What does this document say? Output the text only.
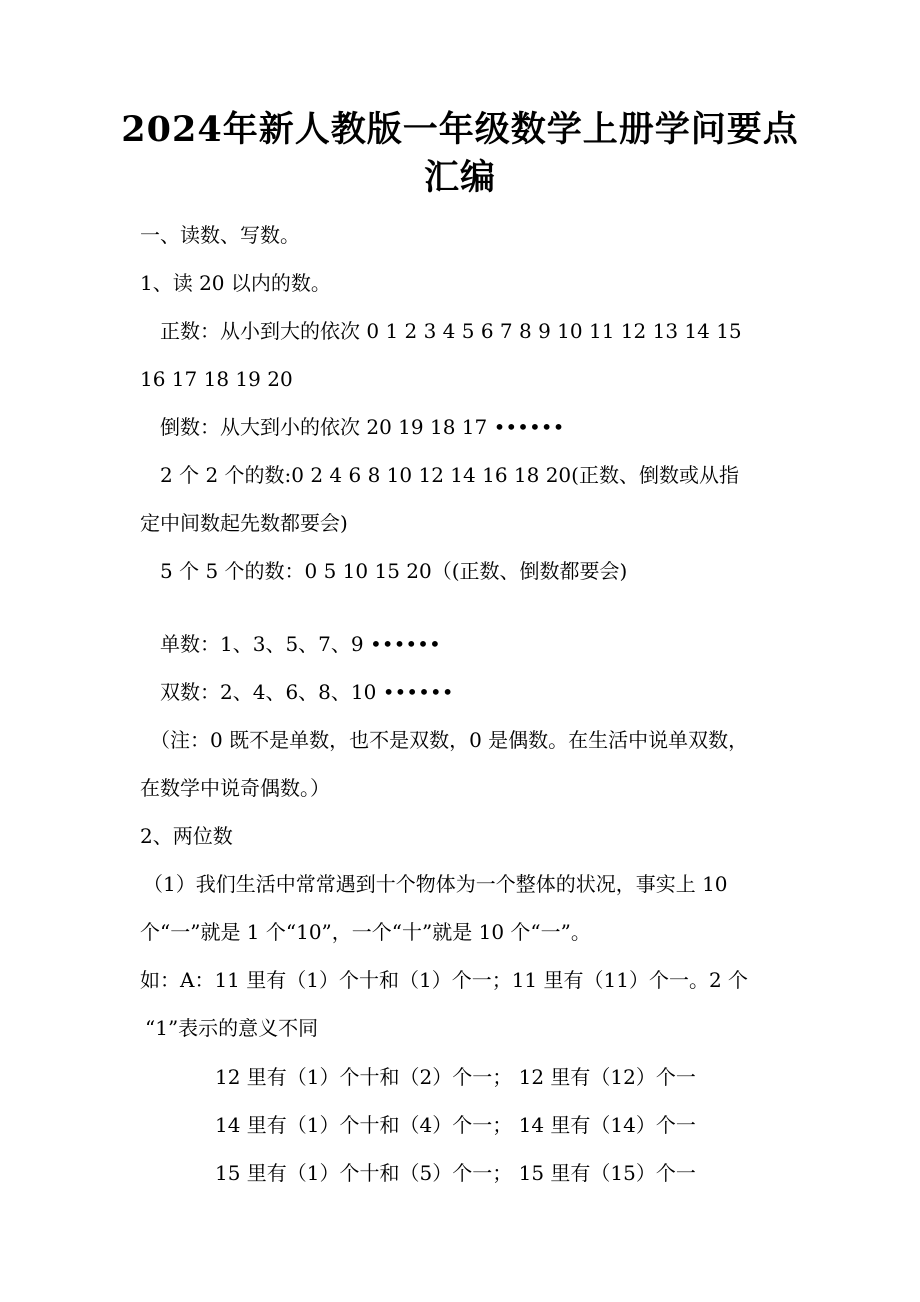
2024年新人教版一年级数学上册学问要点汇编
一、读数、写数。
1、读 20 以内的数。
正数：从小到大的依次 0 1 2 3 4 5 6 7 8 9 10 11 12 13 14 15
16 17 18 19 20
倒数：从大到小的依次 20 19 18 17 ••••••
2 个 2 个的数:0 2 4 6 8 10 12 14 16 18 20(正数、倒数或从指
定中间数起先数都要会)
5 个 5 个的数：0 5 10 15 20（(正数、倒数都要会)
单数：1、3、5、7、9 ••••••
双数：2、4、6、8、10 ••••••
（注：0 既不是单数，也不是双数，0 是偶数。在生活中说单双数，
在数学中说奇偶数。）
2、两位数
（1）我们生活中常常遇到十个物体为一个整体的状况，事实上 10
个“一”就是 1 个“10”，一个“十”就是 10 个“一”。
如：A：11 里有（1）个十和（1）个一；11 里有（11）个一。2 个
“1”表示的意义不同
12 里有（1）个十和（2）个一； 12 里有（12）个一
14 里有（1）个十和（4）个一； 14 里有（14）个一
15 里有（1）个十和（5）个一； 15 里有（15）个一
